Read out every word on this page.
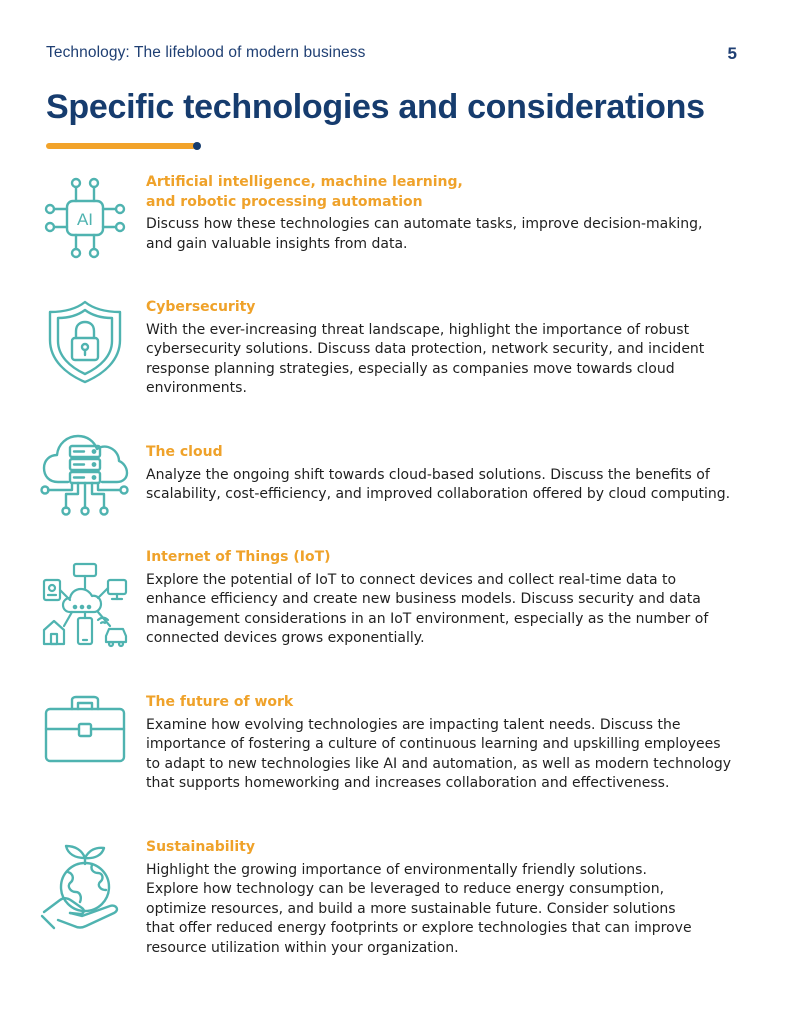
Technology: The lifeblood of modern business	5
Specific technologies and considerations
AI

Artificial intelligence, machine learning,
and robotic processing automation

Discuss how these technologies can automate tasks, improve decision-making,
and gain valuable insights from data.

Cybersecurity

With the ever-increasing threat landscape, highlight the importance of robust
cybersecurity solutions. Discuss data protection, network security, and incident
response planning strategies, especially as companies move towards cloud
environments.

The cloud

Analyze the ongoing shift towards cloud-based solutions. Discuss the benefits of
scalability, cost-efficiency, and improved collaboration offered by cloud computing.

Internet of Things (IoT)

Explore the potential of IoT to connect devices and collect real-time data to
enhance efficiency and create new business models. Discuss security and data
management considerations in an IoT environment, especially as the number of
connected devices grows exponentially.

The future of work

Examine how evolving technologies are impacting talent needs. Discuss the
importance of fostering a culture of continuous learning and upskilling employees
to adapt to new technologies like AI and automation, as well as modern technology
that supports homeworking and increases collaboration and effectiveness.

Sustainability

Highlight the growing importance of environmentally friendly solutions.
Explore how technology can be leveraged to reduce energy consumption,
optimize resources, and build a more sustainable future. Consider solutions
that offer reduced energy footprints or explore technologies that can improve
resource utilization within your organization.
